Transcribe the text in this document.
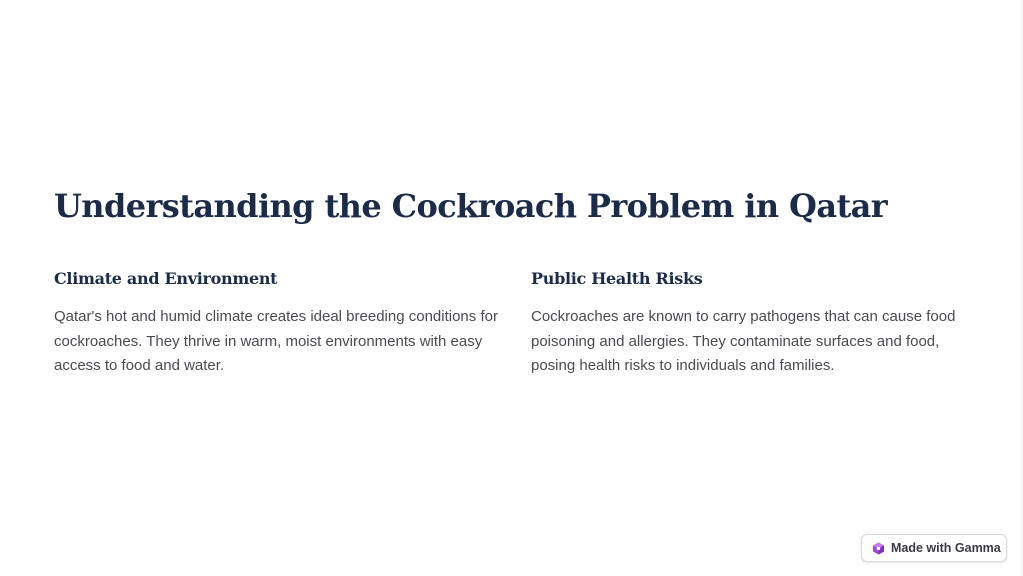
Understanding the Cockroach Problem in Qatar
Climate and Environment

Qatar's hot and humid climate creates ideal breeding conditions for cockroaches. They thrive in warm, moist environments with easy access to food and water.

Public Health Risks

Cockroaches are known to carry pathogens that can cause food poisoning and allergies. They contaminate surfaces and food, posing health risks to individuals and families.

Made with Gamma
